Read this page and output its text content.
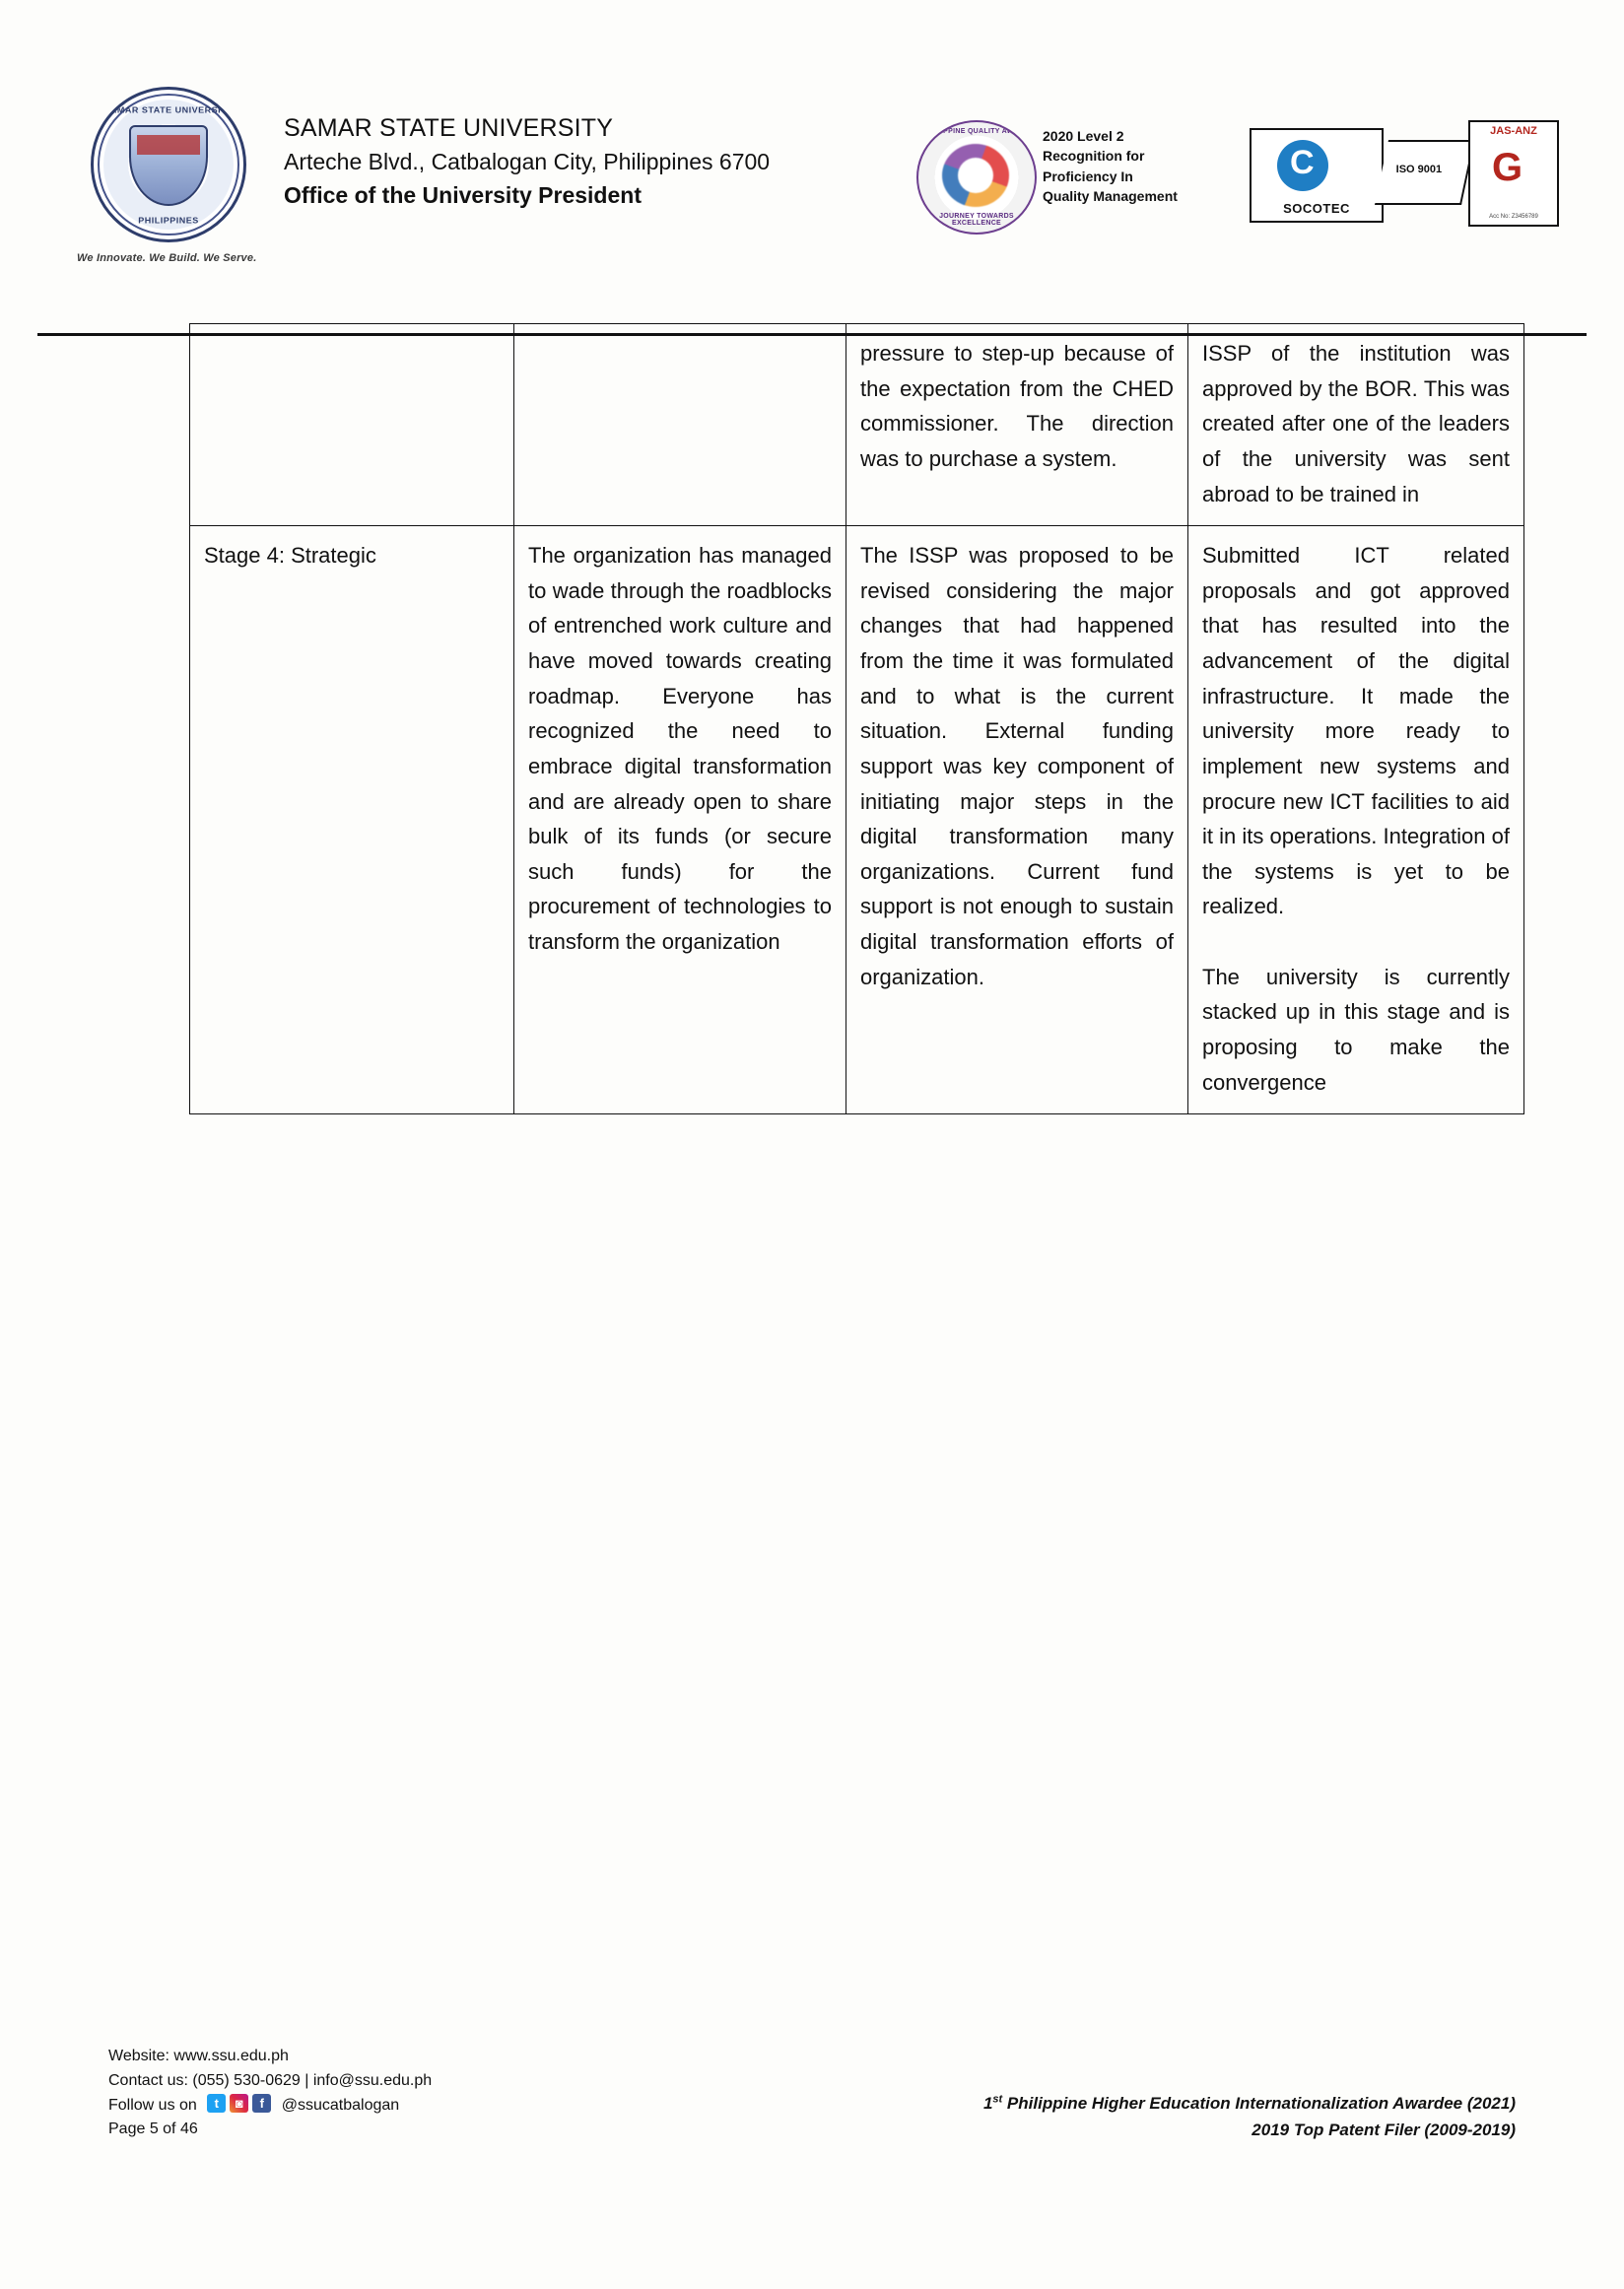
SAMAR STATE UNIVERSITY
PHILIPPINES
We Innovate. We Build. We Serve.
SAMAR STATE UNIVERSITY
Arteche Blvd., Catbalogan City, Philippines 6700
Office of the University President
PHILIPPINE QUALITY AWARD
JOURNEY TOWARDS EXCELLENCE
2020 Level 2
Recognition for
Proficiency In
Quality Management
C
SOCOTEC
ISO 9001
JAS-ANZ
G
Acc No: Z3456789
		pressure to step-up because of the expectation from the CHED commissioner. The direction was to purchase a system.	ISSP of the institution was approved by the BOR. This was created after one of the leaders of the university was sent abroad to be trained in
Stage 4: Strategic	The organization has managed to wade through the roadblocks of entrenched work culture and have moved towards creating roadmap. Everyone has recognized the need to embrace digital transformation and are already open to share bulk of its funds (or secure such funds) for the procurement of technologies to transform the organization	The ISSP was proposed to be revised considering the major changes that had happened from the time it was formulated and to what is the current situation. External funding support was key component of initiating major steps in the digital transformation many organizations. Current fund support is not enough to sustain digital transformation efforts of organization.	Submitted ICT related proposals and got approved that has resulted into the advancement of the digital infrastructure. It made the university more ready to implement new systems and procure new ICT facilities to aid it in its operations. Integration of the systems is yet to be realized.
The university is currently stacked up in this stage and is proposing to make the convergence
Website: www.ssu.edu.ph
Contact us: (055) 530-0629 | info@ssu.edu.ph
Follow us on	t	◙	f	@ssucatbalogan
Page 5 of 46
1st Philippine Higher Education Internationalization Awardee (2021)
2019 Top Patent Filer (2009-2019)
